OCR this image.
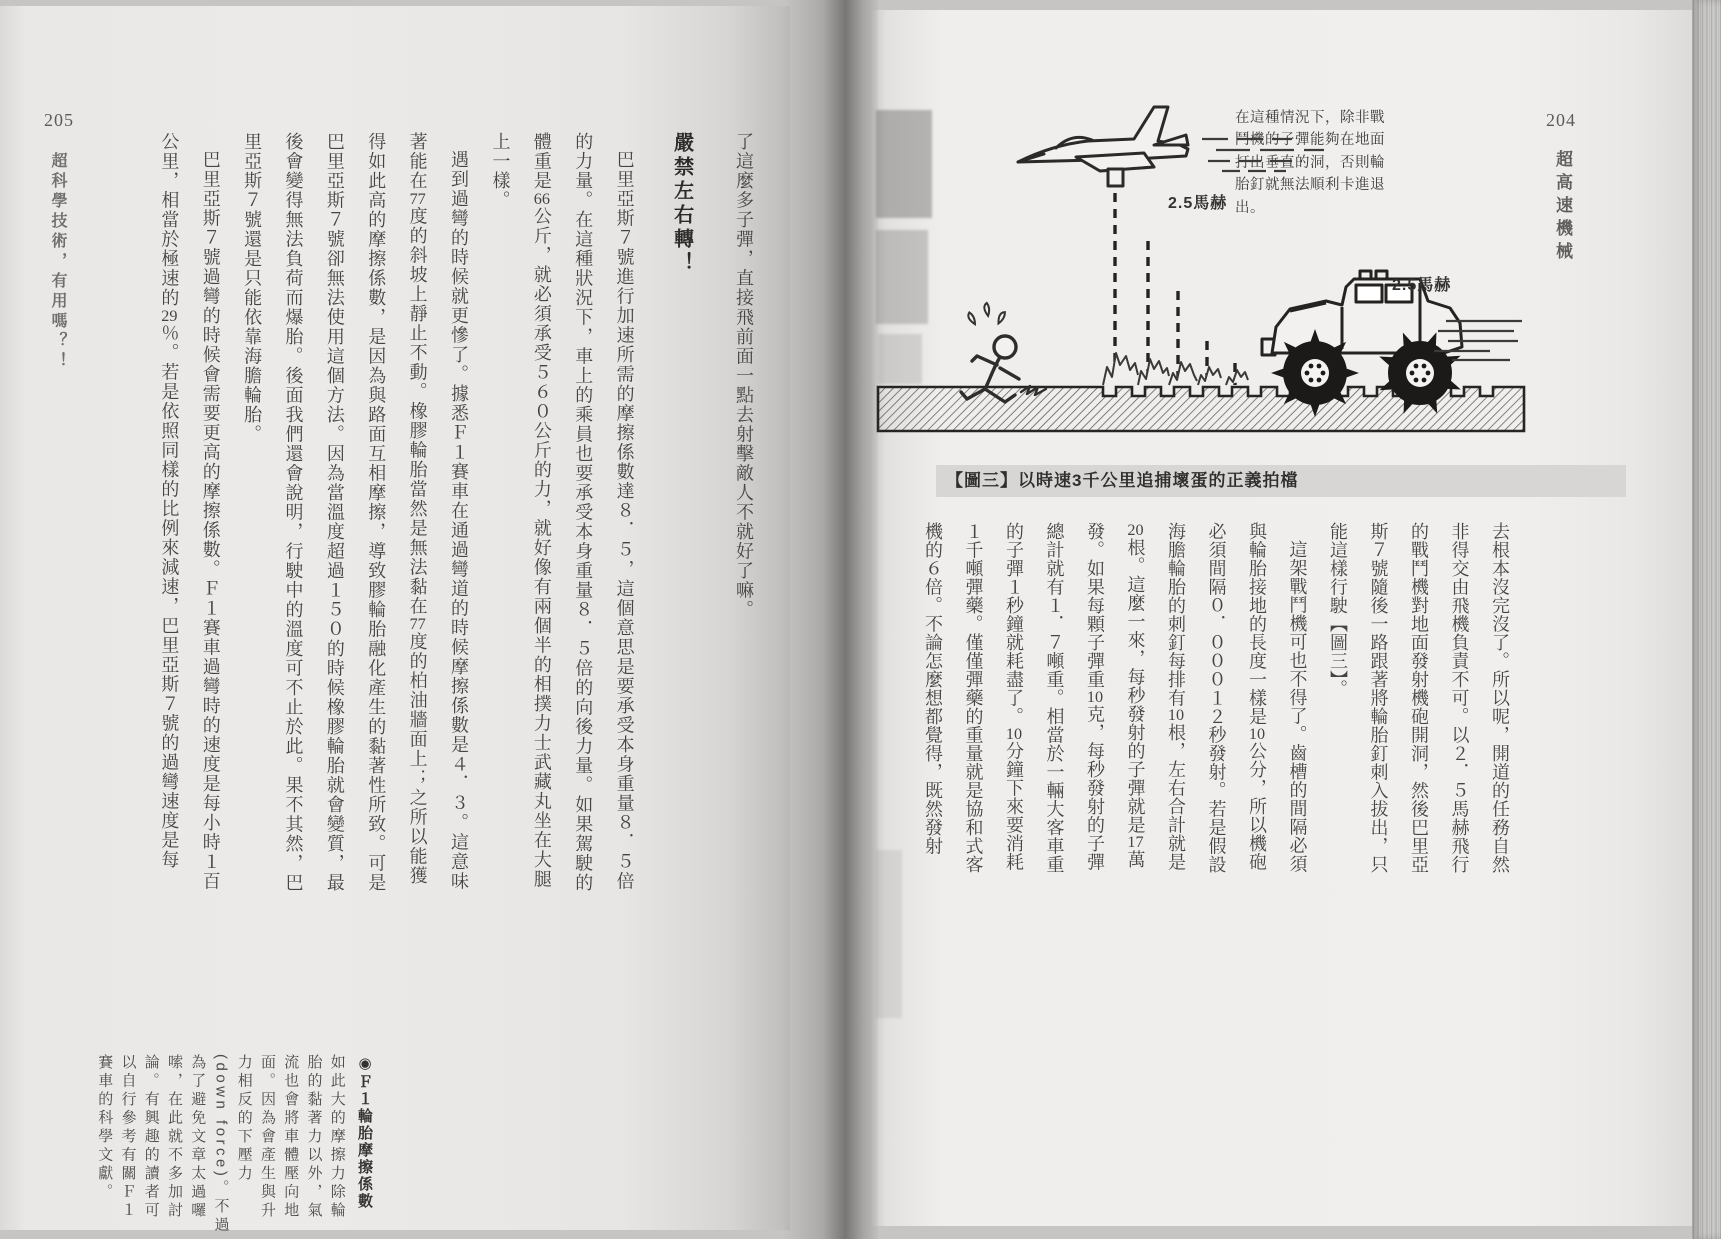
205
超科學技術，有用嗎？！	了這麼多子彈，直接飛前面一點去射擊敵人不就好了嘛。

嚴禁左右轉！

巴里亞斯７號進行加速所需的摩擦係數達８．５，這個意思是要承受本身重量８．５倍的力量。在這種狀況下，車上的乘員也要承受本身重量８．５倍的向後力量。如果駕駛的體重是66公斤，就必須承受５６０公斤的力，就好像有兩個半的相撲力士武藏丸坐在大腿上一樣。

遇到過彎的時候就更慘了。據悉Ｆ１賽車在通過彎道的時候摩擦係數是４．３。這意味著能在77度的斜坡上靜止不動。橡膠輪胎當然是無法黏在77度的柏油牆面上；之所以能獲得如此高的摩擦係數，是因為與路面互相摩擦，導致膠輪胎融化產生的黏著性所致。可是巴里亞斯７號卻無法使用這個方法。因為當溫度超過１５０的時候橡膠輪胎就會變質，最後會變得無法負荷而爆胎。後面我們還會說明，行駛中的溫度可不止於此。果不其然，巴里亞斯７號還是只能依靠海膽輪胎。

巴里亞斯７號過彎的時候會需要更高的摩擦係數。Ｆ１賽車過彎時的速度是每小時１百公里，相當於極速的29％。若是依照同樣的比例來減速，巴里亞斯７號的過彎速度是每

◉Ｆ１輪胎摩擦係數

如此大的摩擦力除輪胎的黏著力以外，氣流也會將車體壓向地面。因為會產生與升力相反的下壓力(down force)。不過為了避免文章太過囉嗦，在此就不多加討論。有興趣的讀者可以自行參考有關Ｆ１賽車的科學文獻。

204
超高速機械
在這種情況下，除非戰鬥機的子彈能夠在地面打出垂直的洞，否則輪胎釘就無法順利卡進退出。
2.5馬赫
2.5馬赫
【圖三】以時速3千公里追捕壞蛋的正義拍檔

去根本沒完沒了。所以呢，開道的任務自然非得交由飛機負責不可。以２．５馬赫飛行的戰鬥機對地面發射機砲開洞，然後巴里亞斯７號隨後一路跟著將輪胎釘刺入拔出，只能這樣行駛【圖三】。

這架戰鬥機可也不得了。齒槽的間隔必須與輪胎接地的長度一樣是10公分，所以機砲必須間隔０．０００１２秒發射。若是假設海膽輪胎的刺釘每排有10根，左右合計就是20根。這麼一來，每秒發射的子彈就是17萬發。如果每顆子彈重10克，每秒發射的子彈總計就有１．７噸重。相當於一輛大客車重的子彈１秒鐘就耗盡了。10分鐘下來要消耗１千噸彈藥。僅僅彈藥的重量就是協和式客機的６倍。不論怎麼想都覺得，既然發射
